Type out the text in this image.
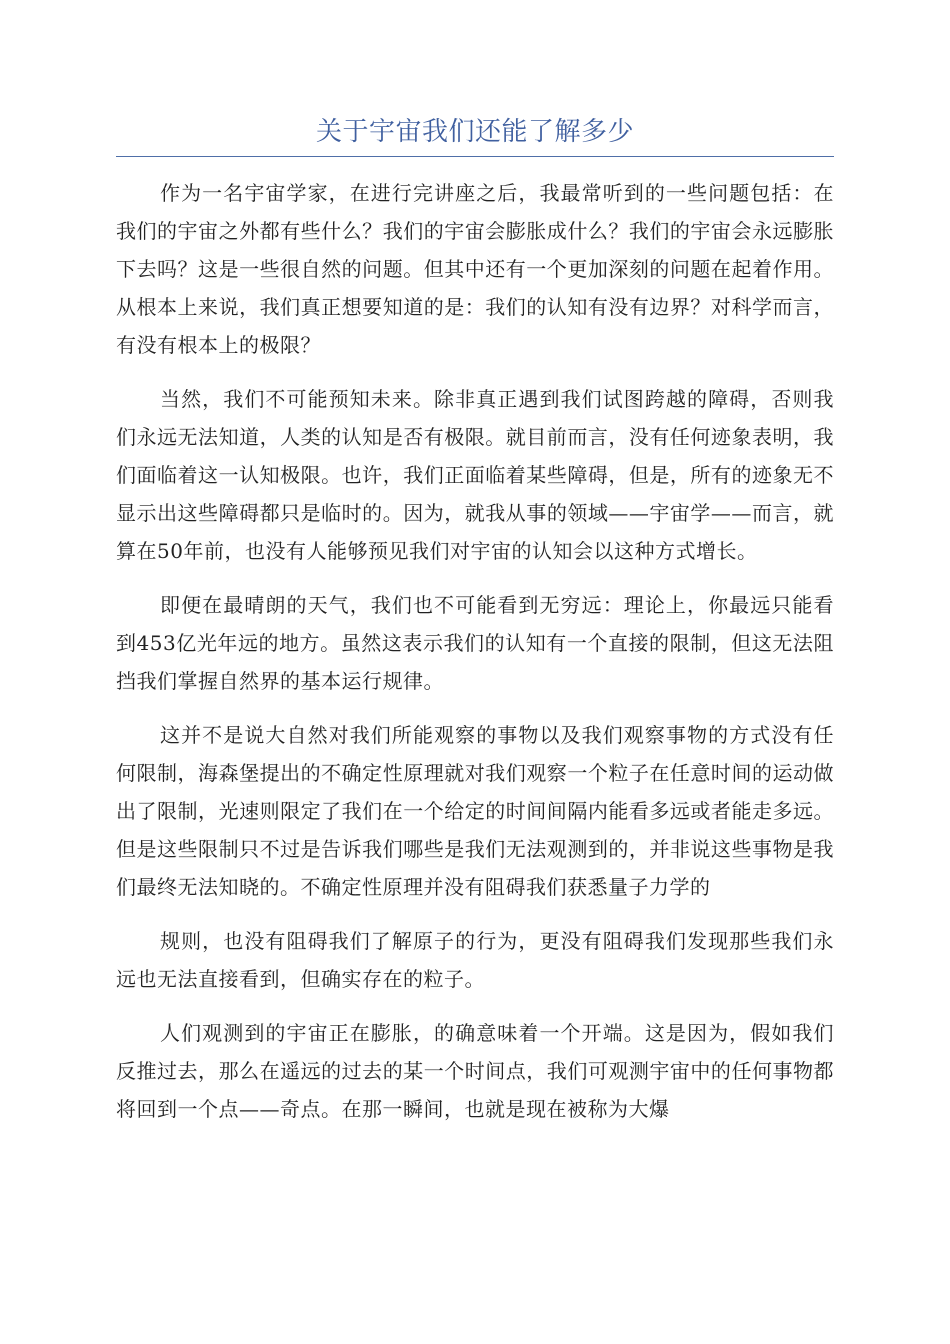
关于宇宙我们还能了解多少

作为一名宇宙学家，在进行完讲座之后，我最常听到的一些问题包括：在我们的宇宙之外都有些什么？我们的宇宙会膨胀成什么？我们的宇宙会永远膨胀下去吗？这是一些很自然的问题。但其中还有一个更加深刻的问题在起着作用。从根本上来说，我们真正想要知道的是：我们的认知有没有边界？对科学而言，有没有根本上的极限？

当然，我们不可能预知未来。除非真正遇到我们试图跨越的障碍，否则我们永远无法知道，人类的认知是否有极限。就目前而言，没有任何迹象表明，我们面临着这一认知极限。也许，我们正面临着某些障碍，但是，所有的迹象无不显示出这些障碍都只是临时的。因为，就我从事的领域——宇宙学——而言，就算在50年前，也没有人能够预见我们对宇宙的认知会以这种方式增长。

即便在最晴朗的天气，我们也不可能看到无穷远：理论上，你最远只能看到453亿光年远的地方。虽然这表示我们的认知有一个直接的限制，但这无法阻挡我们掌握自然界的基本运行规律。

这并不是说大自然对我们所能观察的事物以及我们观察事物的方式没有任何限制，海森堡提出的不确定性原理就对我们观察一个粒子在任意时间的运动做出了限制，光速则限定了我们在一个给定的时间间隔内能看多远或者能走多远。但是这些限制只不过是告诉我们哪些是我们无法观测到的，并非说这些事物是我们最终无法知晓的。不确定性原理并没有阻碍我们获悉量子力学的

规则，也没有阻碍我们了解原子的行为，更没有阻碍我们发现那些我们永远也无法直接看到，但确实存在的粒子。

人们观测到的宇宙正在膨胀，的确意味着一个开端。这是因为，假如我们反推过去，那么在遥远的过去的某一个时间点，我们可观测宇宙中的任何事物都将回到一个点——奇点。在那一瞬间，也就是现在被称为大爆
